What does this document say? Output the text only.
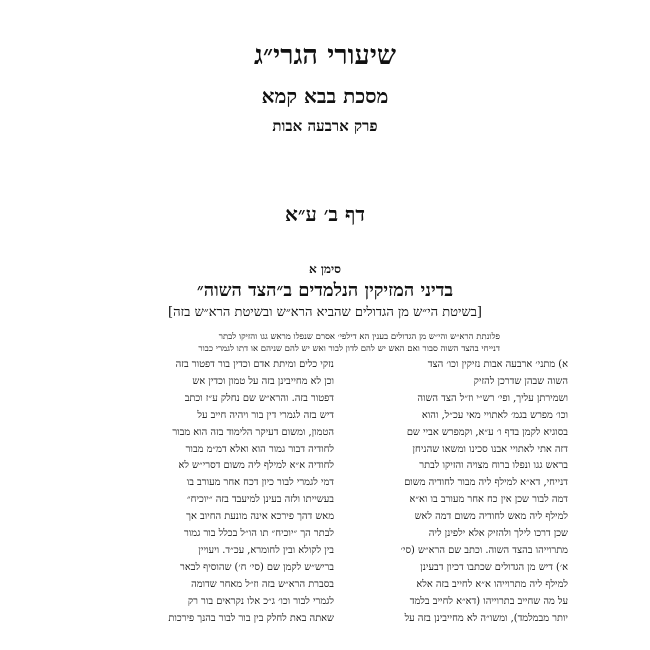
שיעורי הגרי״ג
מסכת בבא קמא
פרק ארבעה אבות
דף ב׳ ע״א
סימן א
בדיני המזיקין הנלמדים ב״הצד השוה״
[בשיטת הי״ש מן הגדולים שהביא הרא״ש ובשיטת הרא״ש בזה]
פלונתת הרא״ש והי״ש מן הגדולים בענין הא דילפי׳ אסרם שנפלו מראש גגו והזיקו לבתר
דנייחי בהצד השוה סבור ואם האש יש להם לדון לבור ואש יש להם שניהם או דתו לגמרי כבור
א) מתני׳ ארבעה אבות נזיקין וכו׳ הצד
השוה שבהן שדרכן להזיק
ושמירתן עליך, ופי׳ רש״י וז״ל הצד השוה
וכו׳ מפרש בגמ׳ לאתויי מאי עכ״ל, והוא
בסוגיא לקמן בדף ו׳ ע״א, וקמפרש אביי שם
דזה אתי לאתויי אבנו סכינו ומשאו שהניחן
בראש גגו ונפלו ברוח מצויה והזיקו לבתר
דנייחי, דא״א למילף ליה מבור לחודיה משום
דמה לבור שכן אין כח אחר מעורב בו וא״א
למילף ליה מאש לחודיה משום דמה לאש
שכן דרכו לילך ולהזיק אלא ילפינן ליה
מתרוייהו בהצד השוה. וכתב שם הרא״ש (סי׳
א׳) דיש מן הגדולים שכתבו דכיון דבעינן
למילף ליה מתרוייהו א״א לחייב בזה אלא
על מה שחייב בתרוייהו (דא״א לחייב בלמד
יותר מבמלמד), ומשו״ה לא מחייבינן בזה על
נזקי כלים ומיתת אדם וכדין בור דפטור בזה
וכן לא מחייבינן בזה על טמון וכדין אש
דפטור בזה. והרא״ש שם נחלק ע״ז וכתב
דיש בזה לגמרי דין בור ויהיה חייב על
הטמון, ומשום דעיקר הלימוד בזה הוא מבור
לחודיה דבור גמור הוא ואלא דמ״מ מבור
לחודיה א״א למילף ליה משום דסרי״ש לא
דמי לגמרי לבור כיון דכח אחר מעורב בו
בעשייתו ולזה בעינן למיעבד בזה ״יוכיח״
מאש דהך פירכא אינה מונעת החיוב אך
לבתר הך ״יוכיח״ תו הו״ל בכלל בור גמור
בין לקולא ובין לחומרא, עכ״ד. ויעויין
בריש״ש לקמן שם (סי׳ ח׳) שהוסיף לבאר
בסברת הרא״ש בזה וז״ל מאחר שדומה
לגמרי לבור וכו׳ ג״כ אלו נקראים בור רק
שאתה באת לחלק בין בור לבור בהנך פירכות
